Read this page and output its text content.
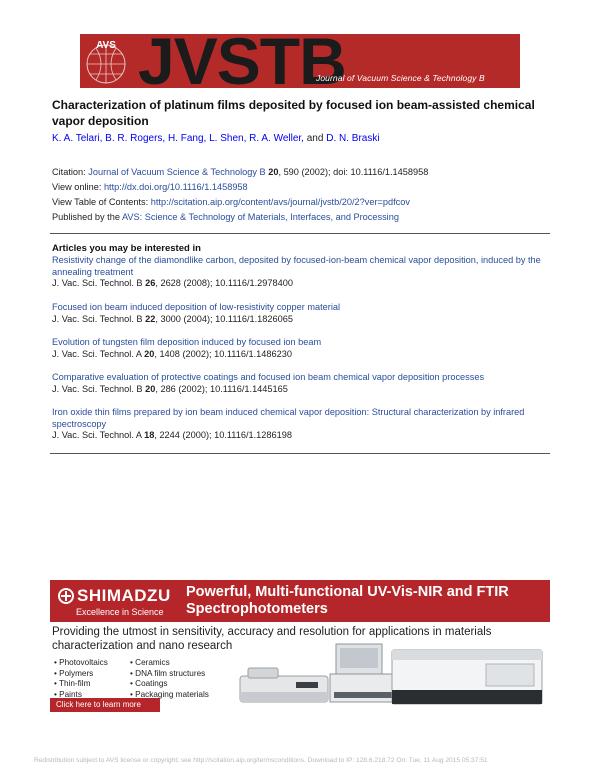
AVS JVSTB
Journal of Vacuum Science & Technology B
Characterization of platinum films deposited by focused ion beam-assisted chemical vapor deposition
K. A. Telari, B. R. Rogers, H. Fang, L. Shen, R. A. Weller, and D. N. Braski
Citation: Journal of Vacuum Science & Technology B 20, 590 (2002); doi: 10.1116/1.1458958
View online: http://dx.doi.org/10.1116/1.1458958
View Table of Contents: http://scitation.aip.org/content/avs/journal/jvstb/20/2?ver=pdfcov
Published by the AVS: Science & Technology of Materials, Interfaces, and Processing
Articles you may be interested in
Resistivity change of the diamondlike carbon, deposited by focused-ion-beam chemical vapor deposition, induced by the annealing treatment
J. Vac. Sci. Technol. B 26, 2628 (2008); 10.1116/1.2978400
Focused ion beam induced deposition of low-resistivity copper material
J. Vac. Sci. Technol. B 22, 3000 (2004); 10.1116/1.1826065
Evolution of tungsten film deposition induced by focused ion beam
J. Vac. Sci. Technol. A 20, 1408 (2002); 10.1116/1.1486230
Comparative evaluation of protective coatings and focused ion beam chemical vapor deposition processes
J. Vac. Sci. Technol. B 20, 286 (2002); 10.1116/1.1445165
Iron oxide thin films prepared by ion beam induced chemical vapor deposition: Structural characterization by infrared spectroscopy
J. Vac. Sci. Technol. A 18, 2244 (2000); 10.1116/1.1286198
SHIMADZU
Excellence in Science
Powerful, Multi-functional UV-Vis-NIR and FTIR Spectrophotometers
Providing the utmost in sensitivity, accuracy and resolution for applications in materials characterization and nano research
• Photovoltaics
• Polymers
• Thin-film
• Paints
• Ceramics
• DNA film structures
• Coatings
• Packaging materials
Click here to learn more
Redistribution subject to AVS license or copyright; see http://scitation.aip.org/termsconditions. Download to IP: 128.6.218.72 On: Tue, 11 Aug 2015 05:37:51
